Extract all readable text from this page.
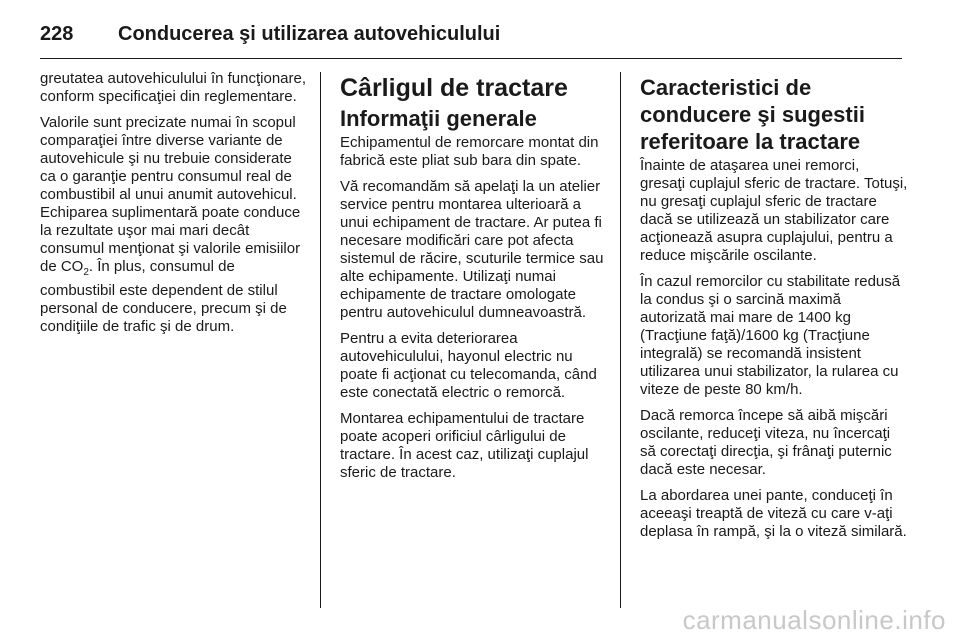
228	Conducerea şi utilizarea autovehiculului

greutatea autovehiculului în funcţionare, conform specificaţiei din reglementare.

Valorile sunt precizate numai în scopul comparaţiei între diverse variante de autovehicule şi nu trebuie considerate ca o garanţie pentru consumul real de combustibil al unui anumit autovehicul. Echiparea suplimentară poate conduce la rezultate uşor mai mari decât consumul menţionat şi valorile emisiilor de $CO_2$. În plus, consumul de combustibil este dependent de stilul personal de conducere, precum şi de condiţiile de trafic şi de drum.

Cârligul de tractare
Informaţii generale

Echipamentul de remorcare montat din fabrică este pliat sub bara din spate.

Vă recomandăm să apelaţi la un atelier service pentru montarea ulterioară a unui echipament de tractare. Ar putea fi necesare modificări care pot afecta sistemul de răcire, scuturile termice sau alte echipamente. Utilizaţi numai echipamente de tractare omologate pentru autovehiculul dumneavoastră.

Pentru a evita deteriorarea autovehiculului, hayonul electric nu poate fi acţionat cu telecomanda, când este conectată electric o remorcă.

Montarea echipamentului de tractare poate acoperi orificiul cârligului de tractare. În acest caz, utilizaţi cuplajul sferic de tractare.

Caracteristici de conducere şi sugestii referitoare la tractare

Înainte de ataşarea unei remorci, gresaţi cuplajul sferic de tractare. Totuşi, nu gresaţi cuplajul sferic de tractare dacă se utilizează un stabilizator care acţionează asupra cuplajului, pentru a reduce mişcările oscilante.

În cazul remorcilor cu stabilitate redusă la condus şi o sarcină maximă autorizată mai mare de 1400 kg (Tracţiune faţă)/1600 kg (Tracţiune integrală) se recomandă insistent utilizarea unui stabilizator, la rularea cu viteze de peste 80 km/h.

Dacă remorca începe să aibă mişcări oscilante, reduceţi viteza, nu încercaţi să corectaţi direcţia, şi frânaţi puternic dacă este necesar.

La abordarea unei pante, conduceţi în aceeaşi treaptă de viteză cu care v-aţi deplasa în rampă, şi la o viteză similară.

carmanualsonline.info
